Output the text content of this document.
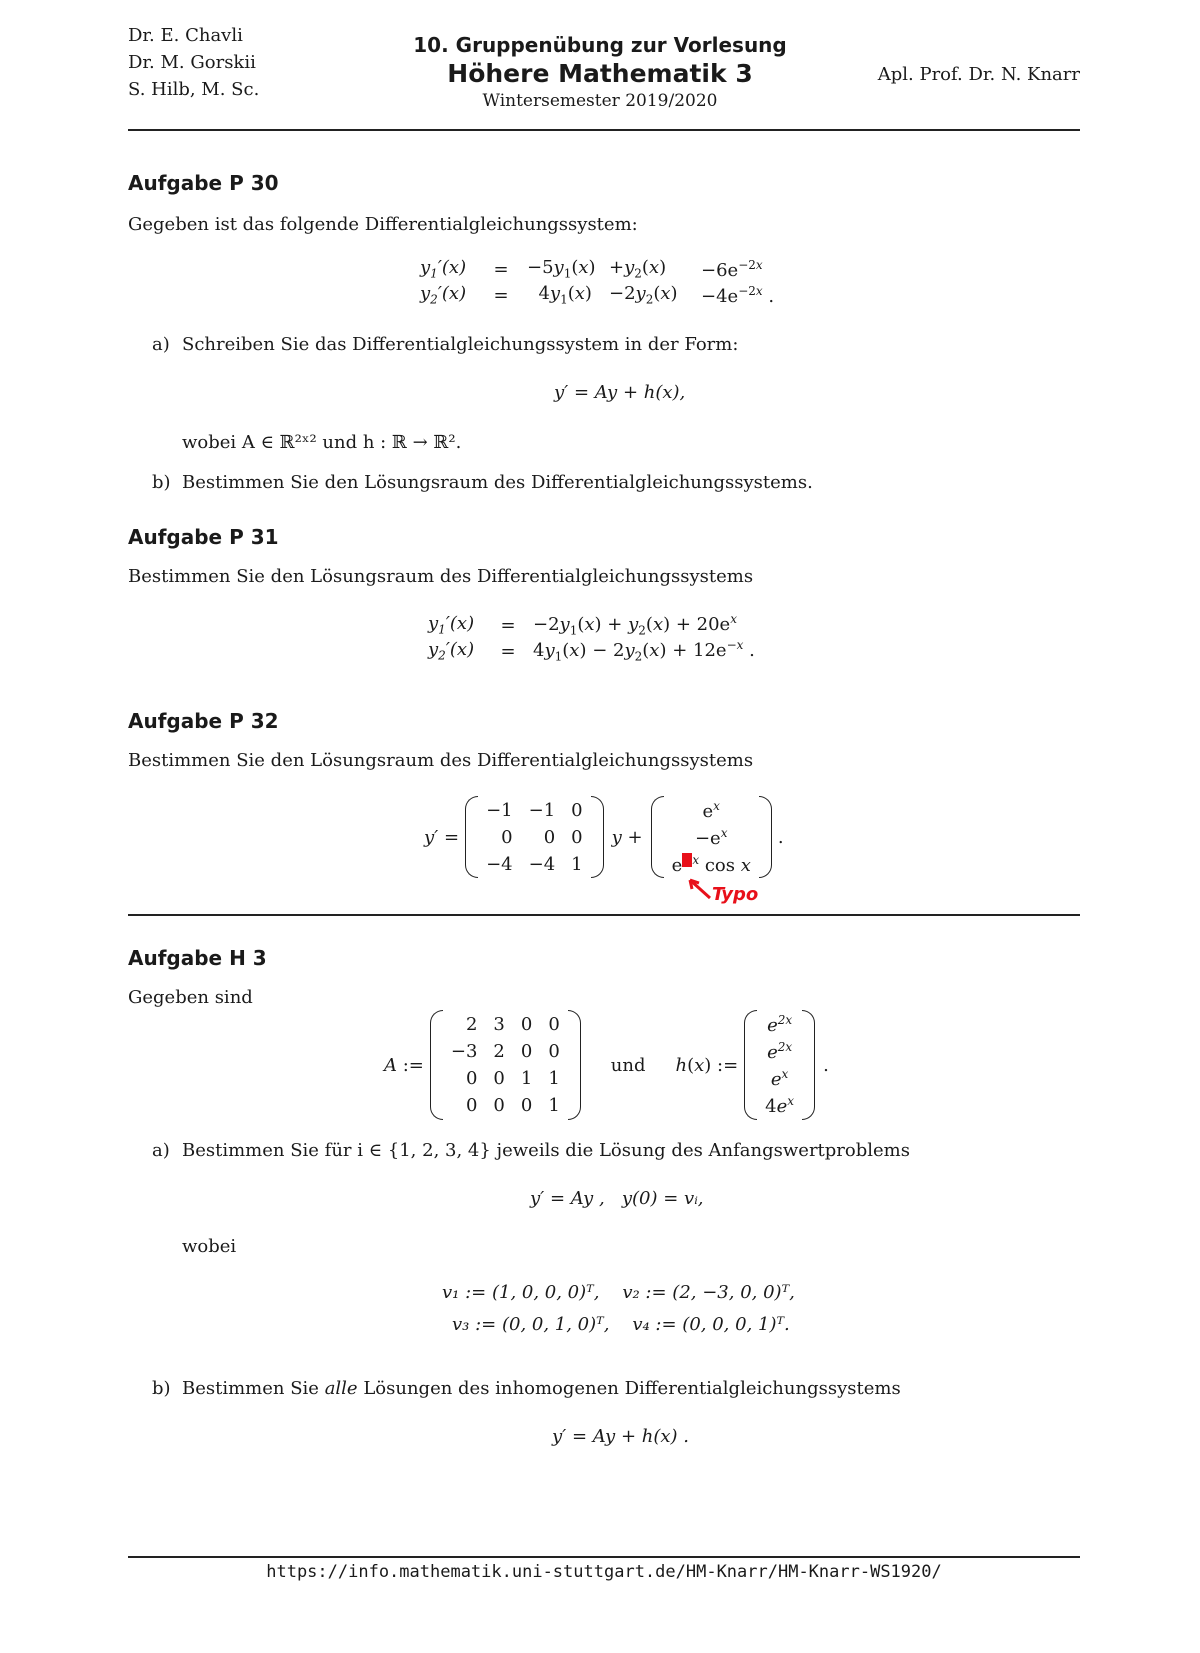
Dr. E. Chavli
Dr. M. Gorskii
S. Hilb, M. Sc.
10. Gruppenübung zur Vorlesung
Höhere Mathematik 3
Wintersemester 2019/2020
Apl. Prof. Dr. N. Knarr
Aufgabe P 30
Gegeben ist das folgende Differentialgleichungssystem:
$y_1'(x)$	=	$-5y_1(x)$	$+y_2(x)$	$-6e^{-2x}$
$y_2'(x)$	=	$4y_1(x)$	$-2y_2(x)$	$-4e^{-2x}$ .
a) Schreiben Sie das Differentialgleichungssystem in der Form:
y′ = Ay + h(x),
wobei A ∈ ℝ²ˣ² und h : ℝ → ℝ².
b) Bestimmen Sie den Lösungsraum des Differentialgleichungssystems.
Aufgabe P 31
Bestimmen Sie den Lösungsraum des Differentialgleichungssystems
$y_1'(x)$	=	$-2y_1(x) + y_2(x) + 20e^x$
$y_2'(x)$	=	$4y_1(x) - 2y_2(x) + 12e^{-x}$ .
Aufgabe P 32
Bestimmen Sie den Lösungsraum des Differentialgleichungssystems
y′ =
−1	−1	0
0	0	0
−4	−4	1
y +
$e^x$
$-e^x$
$e^{-x}$ cos x
.
Typo
Aufgabe H 3
Gegeben sind
A :=
2	3	0	0
−3	2	0	0
0	0	1	1
0	0	0	1
und h(x) :=
$e^{2x}$
$e^{2x}$
$e^x$
$4e^x$
.
a) Bestimmen Sie für i ∈ {1, 2, 3, 4} jeweils die Lösung des Anfangswertproblems
y′ = Ay ,   y(0) = vᵢ,
wobei
v₁ := (1, 0, 0, 0)ᵀ,    v₂ := (2, −3, 0, 0)ᵀ,
v₃ := (0, 0, 1, 0)ᵀ,    v₄ := (0, 0, 0, 1)ᵀ.
b) Bestimmen Sie alle Lösungen des inhomogenen Differentialgleichungssystems
y′ = Ay + h(x) .
https://info.mathematik.uni-stuttgart.de/HM-Knarr/HM-Knarr-WS1920/
